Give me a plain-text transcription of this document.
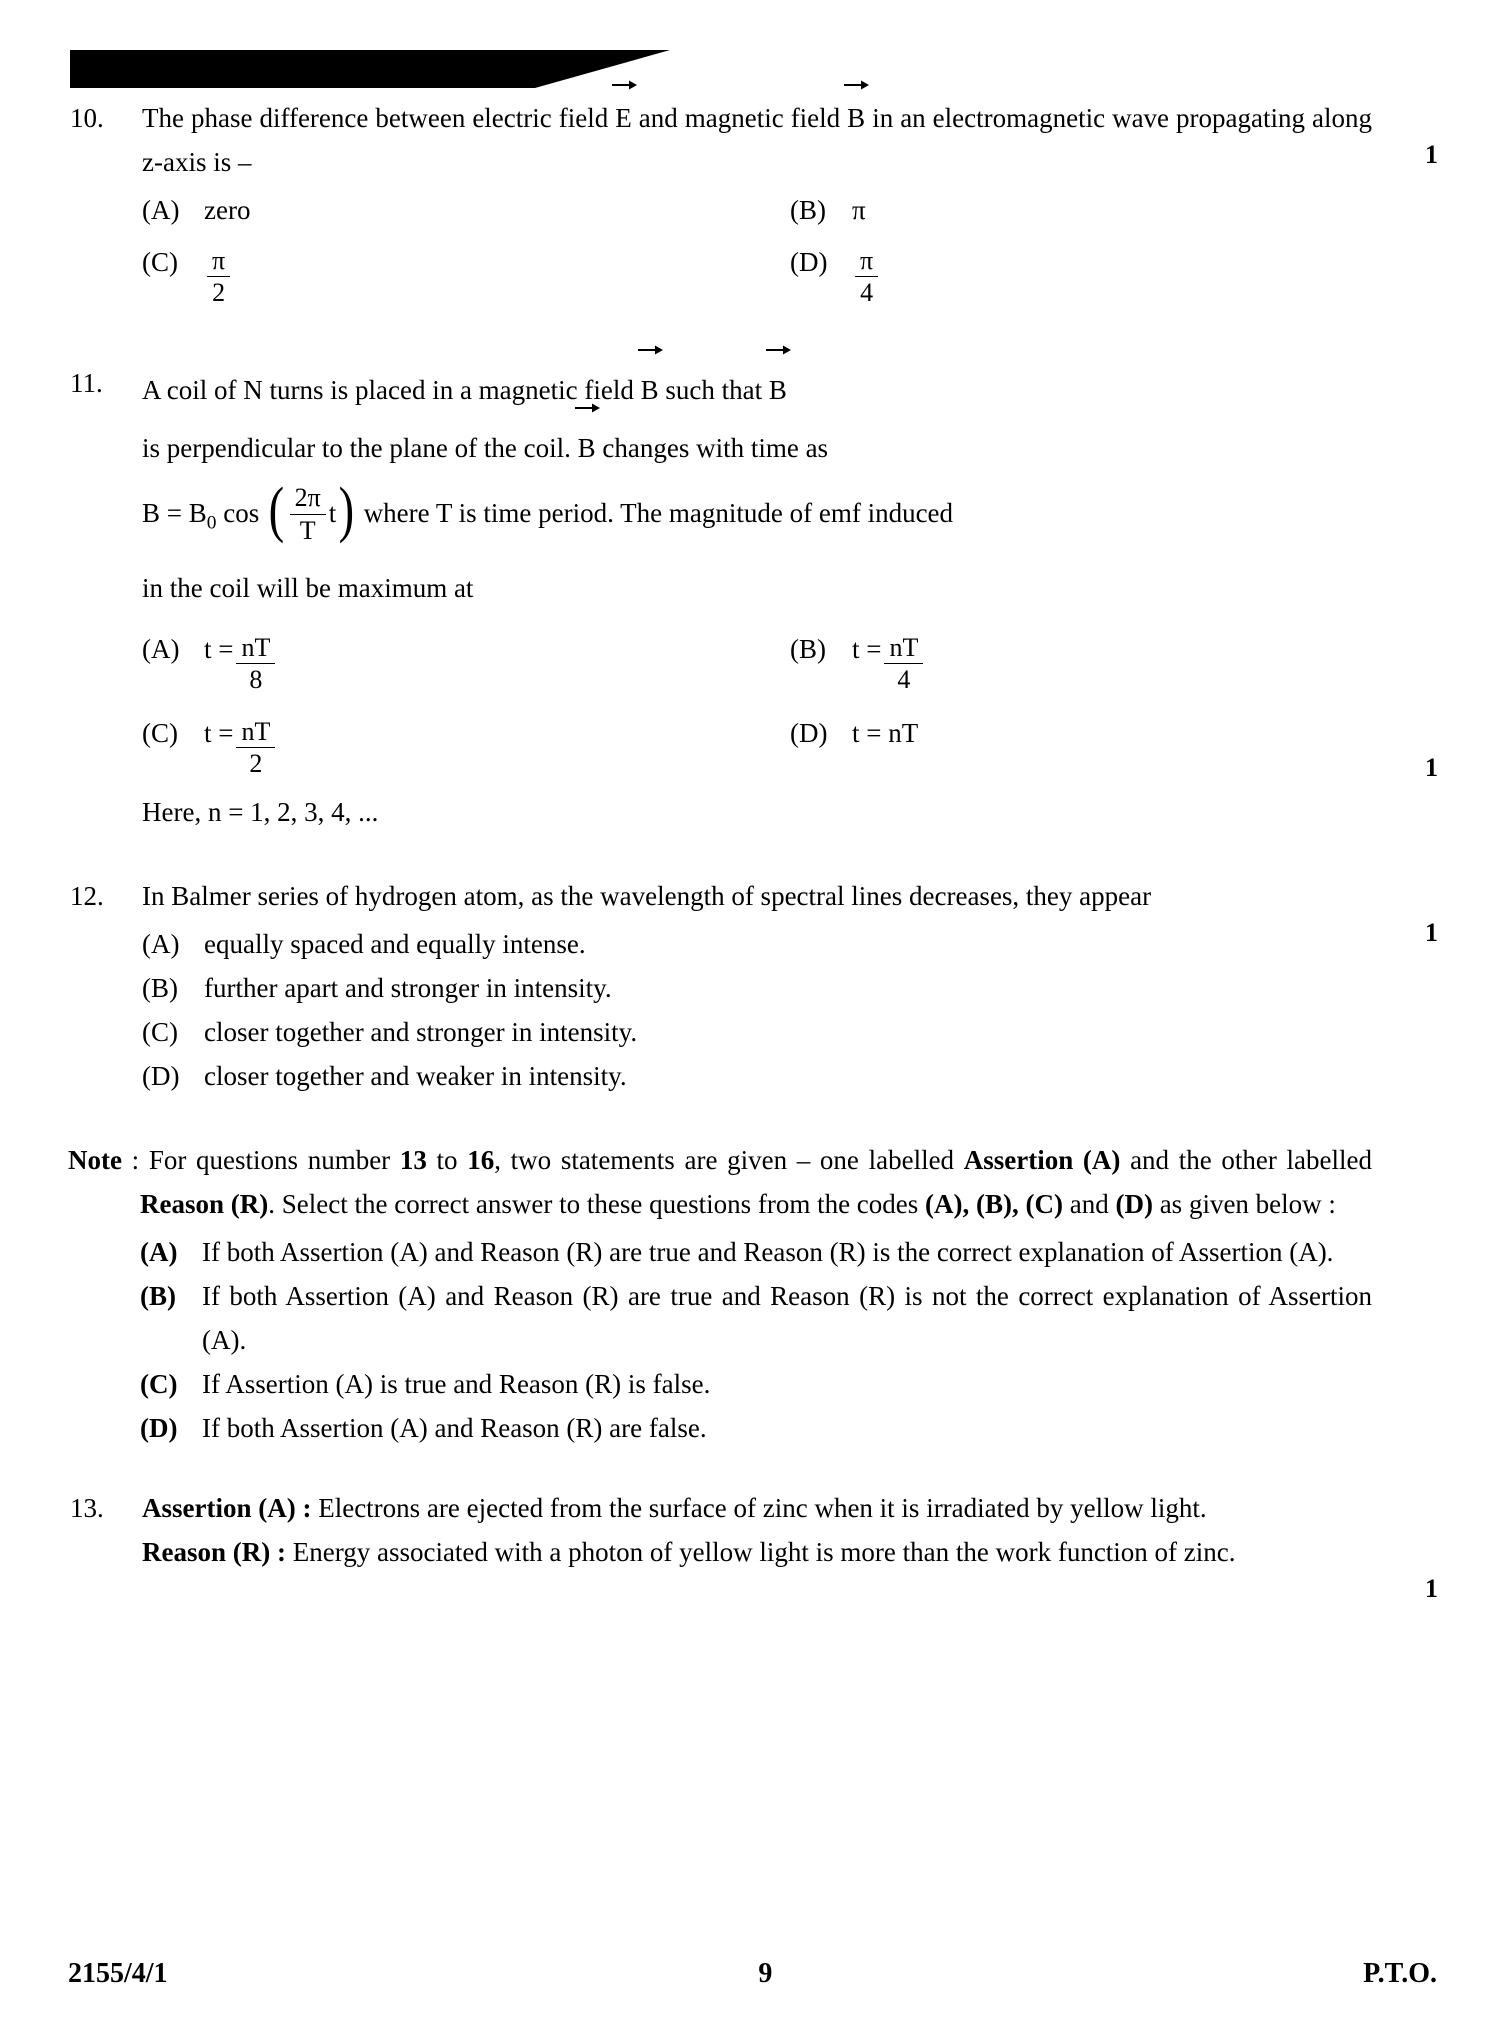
10.	The phase difference between electric field
E and magnetic field
B in an electromagnetic wave propagating along z-axis is –
(A) zero	(B) π
(C)	$\frac{\pi}{2}$	(D)	$\frac{\pi}{4}$
1
11.	A coil of N turns is placed in a magnetic field
B such that
B
is perpendicular to the plane of the coil.
B changes with time as
$B = B_0$ cos ( $\frac{2\pi}{T} t$) where T is time period. The magnitude of emf induced
in the coil will be maximum at
(A) $t = \frac{nT}{8}$	(B) $t = \frac{nT}{4}$
(C) $t = \frac{nT}{2}$	(D) t = nT
Here, n = 1, 2, 3, 4, ...
1
12.	In Balmer series of hydrogen atom, as the wavelength of spectral lines decreases, they appear
(A) equally spaced and equally intense.
(B) further apart and stronger in intensity.
(C) closer together and stronger in intensity.
(D) closer together and weaker in intensity.
1
Note : For questions number 13 to 16, two statements are given – one labelled Assertion (A) and the other labelled Reason (R). Select the correct answer to these questions from the codes (A), (B), (C) and (D) as given below :
(A) If both Assertion (A) and Reason (R) are true and Reason (R) is the correct explanation of Assertion (A).
(B) If both Assertion (A) and Reason (R) are true and Reason (R) is not the correct explanation of Assertion (A).
(C) If Assertion (A) is true and Reason (R) is false.
(D) If both Assertion (A) and Reason (R) are false.
13.	Assertion (A) : Electrons are ejected from the surface of zinc when it is irradiated by yellow light.
Reason (R) : Energy associated with a photon of yellow light is more than the work function of zinc.
1
2155/4/1	9	P.T.O.
